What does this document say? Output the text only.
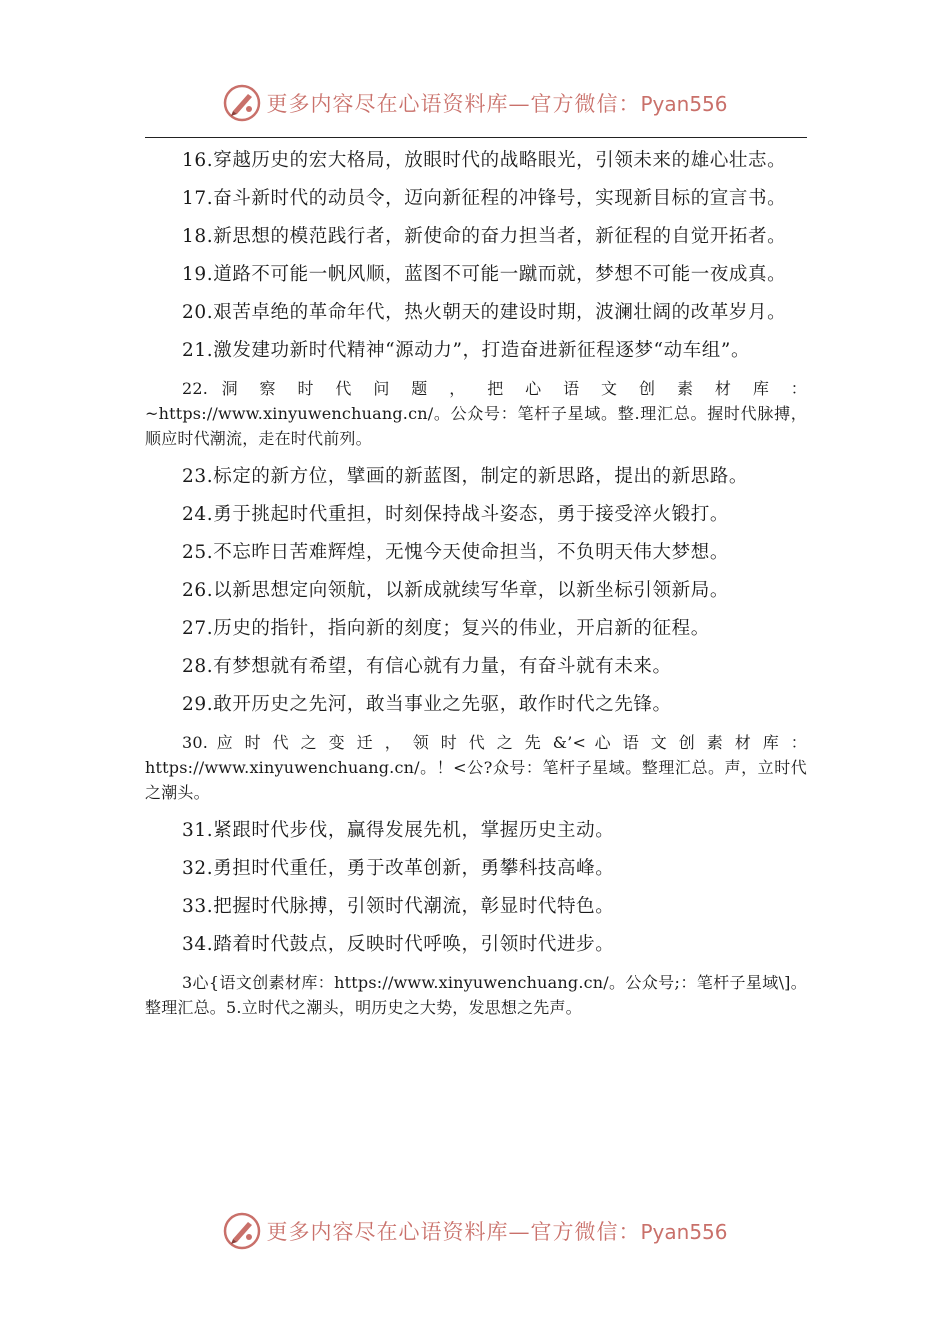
更多内容尽在心语资料库—官方微信：Pyan556

16.穿越历史的宏大格局，放眼时代的战略眼光，引领未来的雄心壮志。

17.奋斗新时代的动员令，迈向新征程的冲锋号，实现新目标的宣言书。

18.新思想的模范践行者，新使命的奋力担当者，新征程的自觉开拓者。

19.道路不可能一帆风顺，蓝图不可能一蹴而就，梦想不可能一夜成真。

20.艰苦卓绝的革命年代，热火朝天的建设时期，波澜壮阔的改革岁月。

21.激发建功新时代精神“源动力”，打造奋进新征程逐梦“动车组”。

22. 洞 察 时 代 问 题 ， 把 心 语 文 创 素 材 库 ： ~https://www.xinyuwenchuang.cn/。公众号：笔杆子星域。整.理汇总。握时代脉搏，顺应时代潮流，走在时代前列。

23.标定的新方位，擘画的新蓝图，制定的新思路，提出的新思路。

24.勇于挑起时代重担，时刻保持战斗姿态，勇于接受淬火锻打。

25.不忘昨日苦难辉煌，无愧今天使命担当，不负明天伟大梦想。

26.以新思想定向领航，以新成就续写华章，以新坐标引领新局。

27.历史的指针，指向新的刻度；复兴的伟业，开启新的征程。

28.有梦想就有希望，有信心就有力量，有奋斗就有未来。

29.敢开历史之先河，敢当事业之先驱，敢作时代之先锋。

30. 应 时 代 之 变 迁 ， 领 时 代 之 先 &’< 心 语 文 创 素 材 库 ： https://www.xinyuwenchuang.cn/。！<公?众号：笔杆子星域。整理汇总。声，立时代之潮头。

31.紧跟时代步伐，赢得发展先机，掌握历史主动。

32.勇担时代重任，勇于改革创新，勇攀科技高峰。

33.把握时代脉搏，引领时代潮流，彰显时代特色。

34.踏着时代鼓点，反映时代呼唤，引领时代进步。

3心{语文创素材库：https://www.xinyuwenchuang.cn/。公众号;：笔杆子星域\]。整理汇总。5.立时代之潮头，明历史之大势，发思想之先声。

更多内容尽在心语资料库—官方微信：Pyan556
